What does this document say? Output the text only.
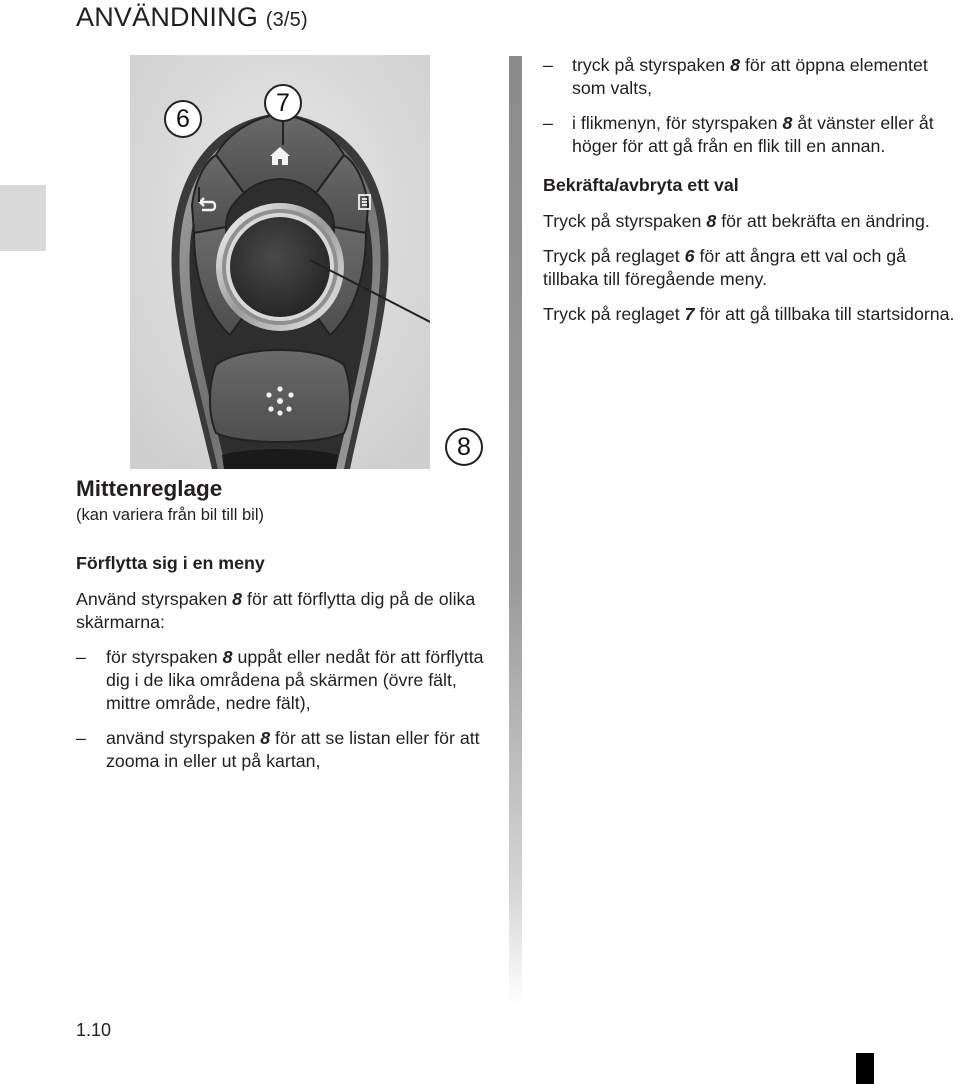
ANVÄNDNING (3/5)
6
7
8
Mittenreglage
(kan variera från bil till bil)

Förflytta sig i en meny

Använd styrspaken 8 för att förflytta dig på de olika skärmarna:

– för styrspaken 8 uppåt eller nedåt för att förflytta dig i de lika områdena på skärmen (övre fält, mittre område, nedre fält),

– använd styrspaken 8 för att se listan eller för att zooma in eller ut på kartan,

– tryck på styrspaken 8 för att öppna elementet som valts,

– i flikmenyn, för styrspaken 8 åt vänster eller åt höger för att gå från en flik till en annan.

Bekräfta/avbryta ett val

Tryck på styrspaken 8 för att bekräfta en ändring.

Tryck på reglaget 6 för att ångra ett val och gå tillbaka till föregående meny.

Tryck på reglaget 7 för att gå tillbaka till startsidorna.

1.10
